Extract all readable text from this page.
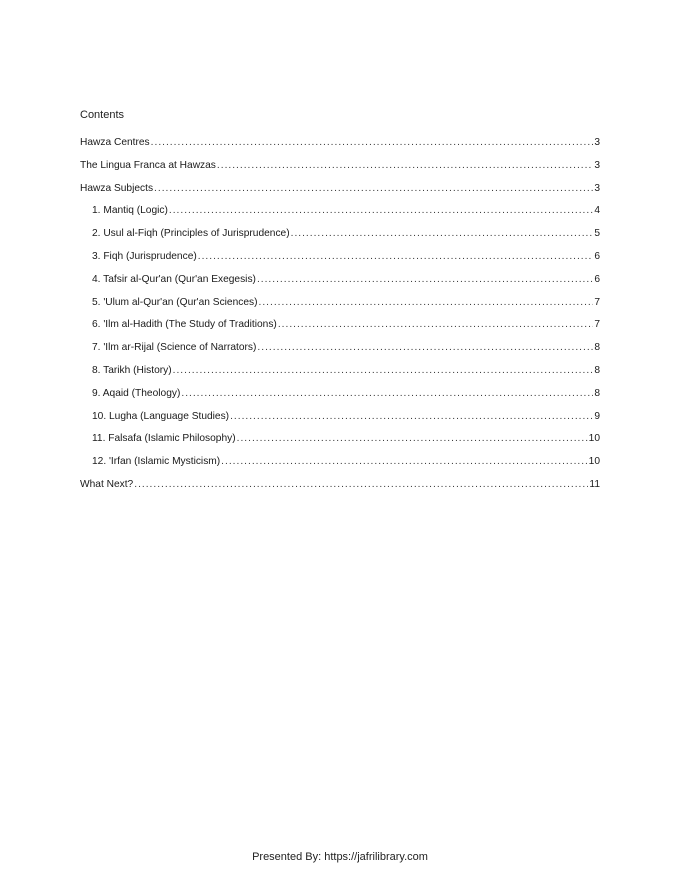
Contents
Hawza Centres .....	3
The Lingua Franca at Hawzas .....	3
Hawza Subjects .....	3
1. Mantiq (Logic) .....	4
2. Usul al-Fiqh (Principles of Jurisprudence) .....	5
3. Fiqh (Jurisprudence) .....	6
4. Tafsir al-Qur'an (Qur'an Exegesis) .....	6
5. 'Ulum al-Qur'an (Qur'an Sciences) .....	7
6. 'Ilm al-Hadith (The Study of Traditions) .....	7
7. 'Ilm ar-Rijal (Science of Narrators) .....	8
8. Tarikh (History) .....	8
9. Aqaid (Theology) .....	8
10. Lugha (Language Studies) .....	9
11. Falsafa (Islamic Philosophy) .....	10
12. 'Irfan (Islamic Mysticism) .....	10
What Next? .....	11
Presented By: https://jafrilibrary.com
